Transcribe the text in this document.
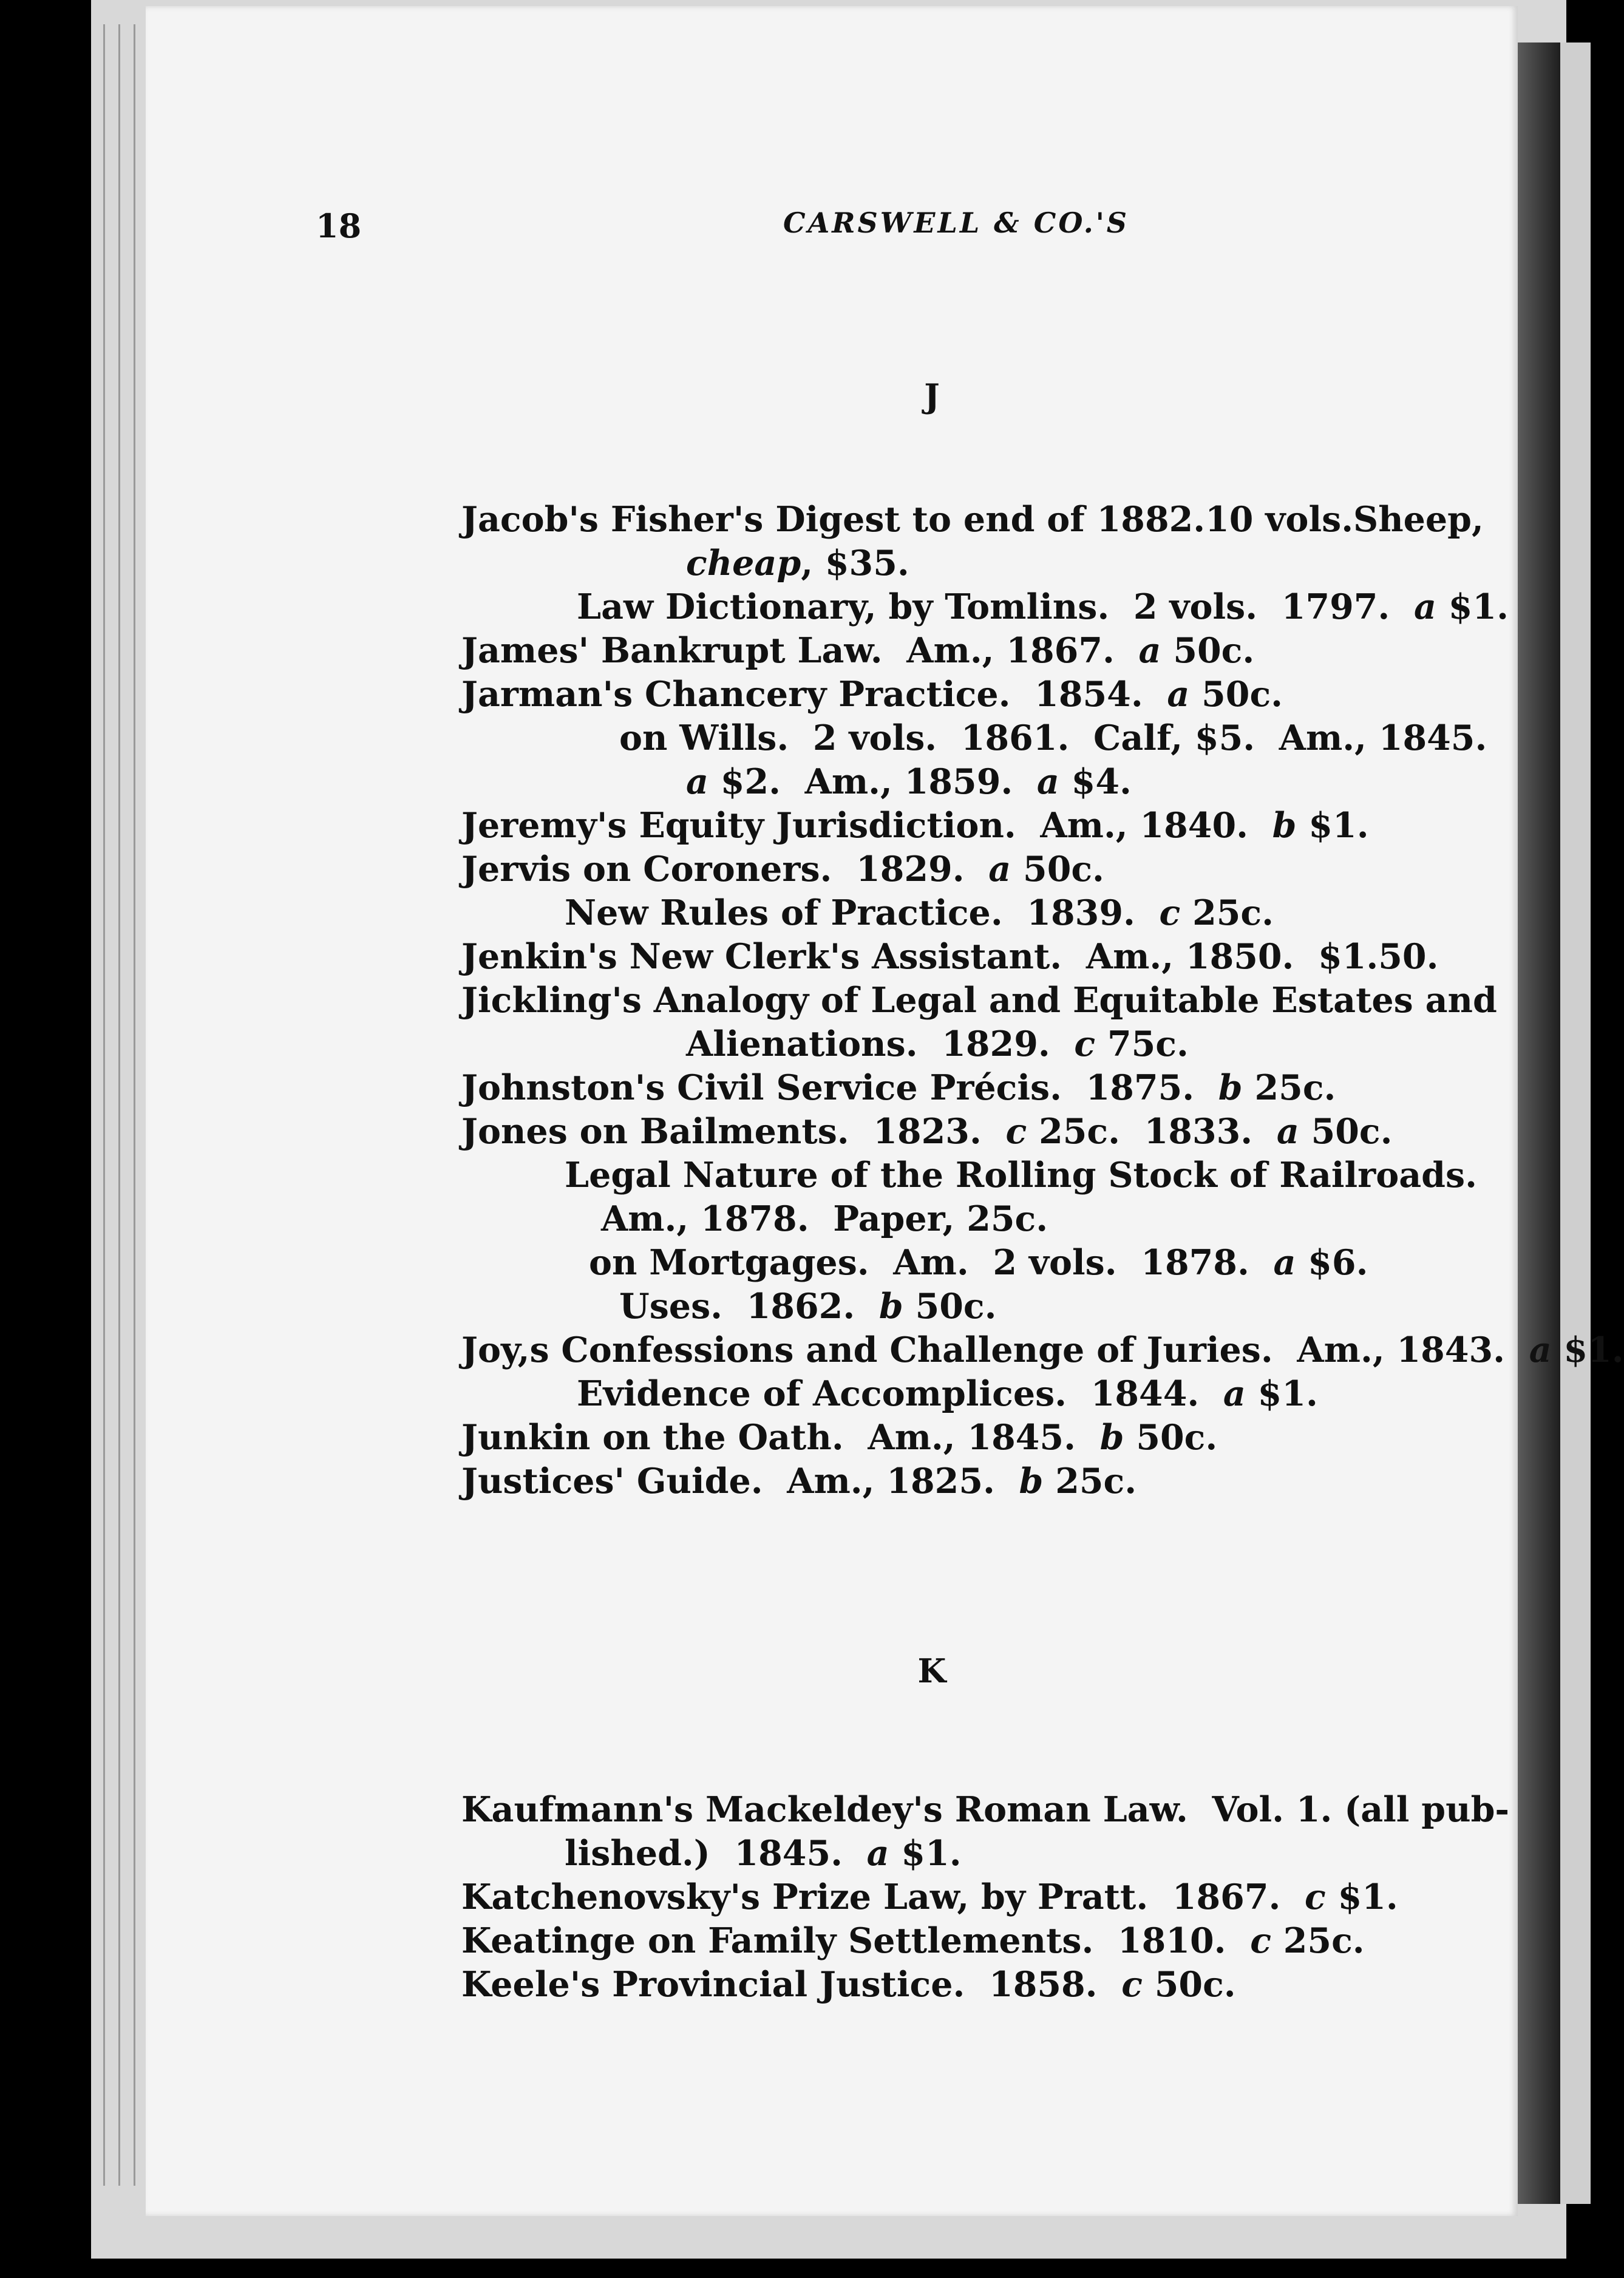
18	CARSWELL & CO.'S
J
Jacob's Fisher's Digest to end of 1882. 10 vols. Sheep,
cheap, $35.
Law Dictionary, by Tomlins.  2 vols.  1797.  a $1.
James' Bankrupt Law.  Am., 1867.  a 50c.
Jarman's Chancery Practice.  1854.  a 50c.
on Wills.  2 vols.  1861.  Calf, $5.  Am., 1845.
a $2.  Am., 1859.  a $4.
Jeremy's Equity Jurisdiction.  Am., 1840.  b $1.
Jervis on Coroners.  1829.  a 50c.
New Rules of Practice.  1839.  c 25c.
Jenkin's New Clerk's Assistant.  Am., 1850.  $1.50.
Jickling's Analogy of Legal and Equitable Estates and
Alienations.  1829.  c 75c.
Johnston's Civil Service Précis.  1875.  b 25c.
Jones on Bailments.  1823.  c 25c.  1833.  a 50c.
Legal Nature of the Rolling Stock of Railroads.
Am., 1878.  Paper, 25c.
on Mortgages.  Am.  2 vols.  1878.  a $6.
Uses.  1862.  b 50c.
Joy,s Confessions and Challenge of Juries.  Am., 1843.  a $1.
Evidence of Accomplices.  1844.  a $1.
Junkin on the Oath.  Am., 1845.  b 50c.
Justices' Guide.  Am., 1825.  b 25c.
K
Kaufmann's Mackeldey's Roman Law.  Vol. 1. (all pub-
lished.)  1845.  a $1.
Katchenovsky's Prize Law, by Pratt.  1867.  c $1.
Keatinge on Family Settlements.  1810.  c 25c.
Keele's Provincial Justice.  1858.  c 50c.
